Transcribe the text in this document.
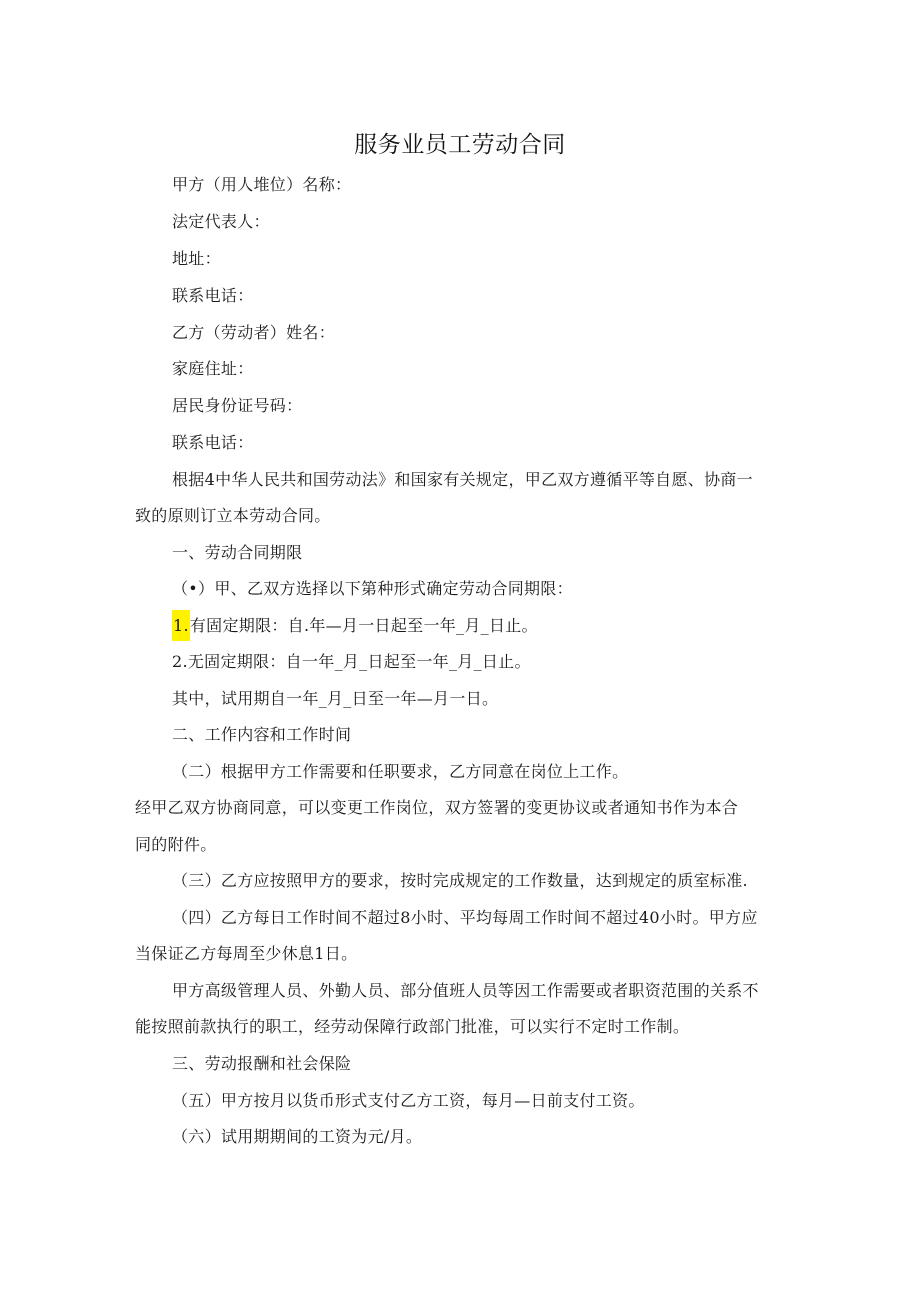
服务业员工劳动合同
甲方（用人堆位）名称：
法定代表人：
地址：
联系电话：
乙方（劳动者）姓名：
家庭住址：
居民身份证号码：
联系电话：
根据4中华人民共和国劳动法》和国家有关规定，甲乙双方遵循平等自愿、协商一
致的原则订立本劳动合同。
一、劳动合同期限
（•）甲、乙双方选择以下第种形式确定劳动合同期限：
1.有固定期限：自.年—月一日起至一年_月_日止。
2.无固定期限：自一年_月_日起至一年_月_日止。
其中，试用期自一年_月_日至一年—月一日。
二、工作内容和工作时间
（二）根据甲方工作需要和任职要求，乙方同意在岗位上工作。
经甲乙双方协商同意，可以变更工作岗位，双方签署的变更协议或者通知书作为本合
同的附件。
（三）乙方应按照甲方的要求，按时完成规定的工作数量，达到规定的质室标准.
（四）乙方每日工作时间不超过8小时、平均每周工作时间不超过40小时。甲方应
当保证乙方每周至少休息1日。
甲方高级管理人员、外勤人员、部分值班人员等因工作需要或者职资范围的关系不
能按照前款执行的职工，经劳动保障行政部门批准，可以实行不定时工作制。
三、劳动报酬和社会保险
（五）甲方按月以货币形式支付乙方工资，每月—日前支付工资。
（六）试用期期间的工资为元/月。
